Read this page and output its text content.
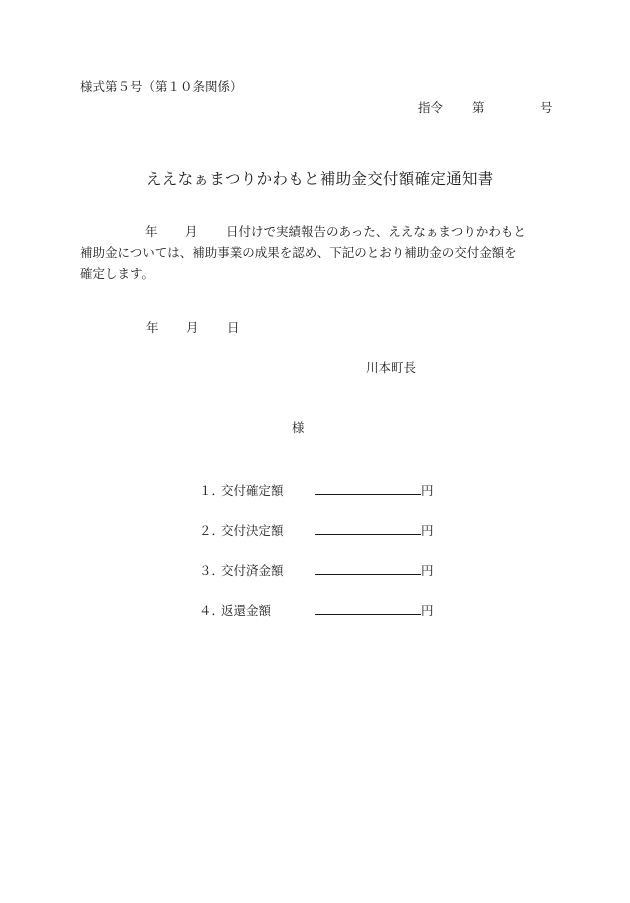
様式第５号（第１０条関係）
指令 第	号
ええなぁまつりかわもと補助金交付額確定通知書
年 月 日付けで実績報告のあった、ええなぁまつりかわもと
補助金については、補助事業の成果を認め、下記のとおり補助金の交付金額を
確定します。
年 月 日
川本町長
様
１．交付確定額	円
２．交付決定額	円
３．交付済金額	円
４．返還金額	円
